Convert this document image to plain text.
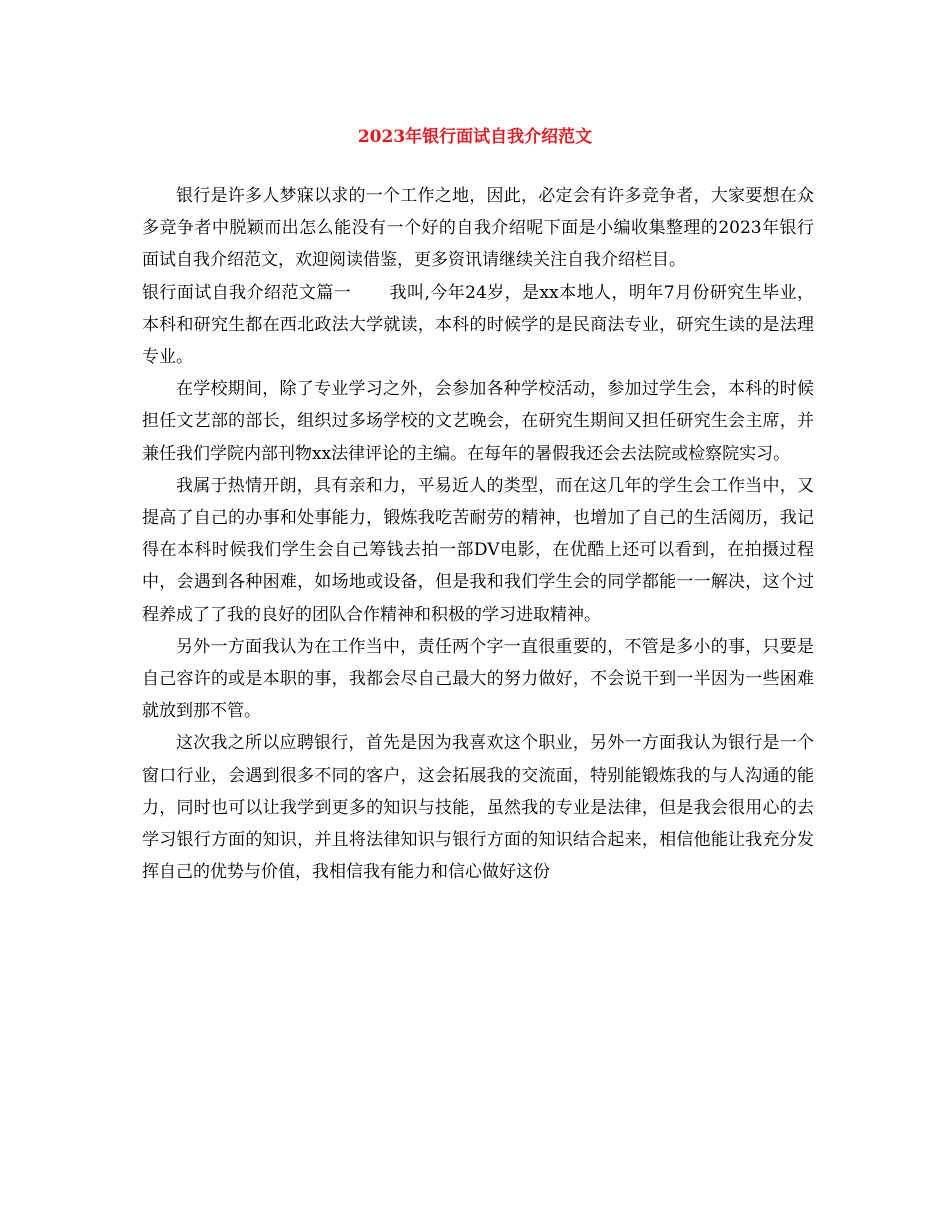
2023年银行面试自我介绍范文

银行是许多人梦寐以求的一个工作之地，因此，必定会有许多竞争者，大家要想在众多竞争者中脱颖而出怎么能没有一个好的自我介绍呢下面是小编收集整理的2023年银行面试自我介绍范文，欢迎阅读借鉴，更多资讯请继续关注自我介绍栏目。

银行面试自我介绍范文篇一 我叫,今年24岁，是xx本地人，明年7月份研究生毕业，本科和研究生都在西北政法大学就读，本科的时候学的是民商法专业，研究生读的是法理专业。

在学校期间，除了专业学习之外，会参加各种学校活动，参加过学生会，本科的时候担任文艺部的部长，组织过多场学校的文艺晚会，在研究生期间又担任研究生会主席，并兼任我们学院内部刊物xx法律评论的主编。在每年的暑假我还会去法院或检察院实习。

我属于热情开朗，具有亲和力，平易近人的类型，而在这几年的学生会工作当中，又提高了自己的办事和处事能力，锻炼我吃苦耐劳的精神，也增加了自己的生活阅历，我记得在本科时候我们学生会自己筹钱去拍一部DV电影，在优酷上还可以看到，在拍摄过程中，会遇到各种困难，如场地或设备，但是我和我们学生会的同学都能一一解决，这个过程养成了了我的良好的团队合作精神和积极的学习进取精神。

另外一方面我认为在工作当中，责任两个字一直很重要的，不管是多小的事，只要是自己容许的或是本职的事，我都会尽自己最大的努力做好，不会说干到一半因为一些困难就放到那不管。

这次我之所以应聘银行，首先是因为我喜欢这个职业，另外一方面我认为银行是一个窗口行业，会遇到很多不同的客户，这会拓展我的交流面，特别能锻炼我的与人沟通的能力，同时也可以让我学到更多的知识与技能，虽然我的专业是法律，但是我会很用心的去学习银行方面的知识，并且将法律知识与银行方面的知识结合起来，相信他能让我充分发挥自己的优势与价值，我相信我有能力和信心做好这份
